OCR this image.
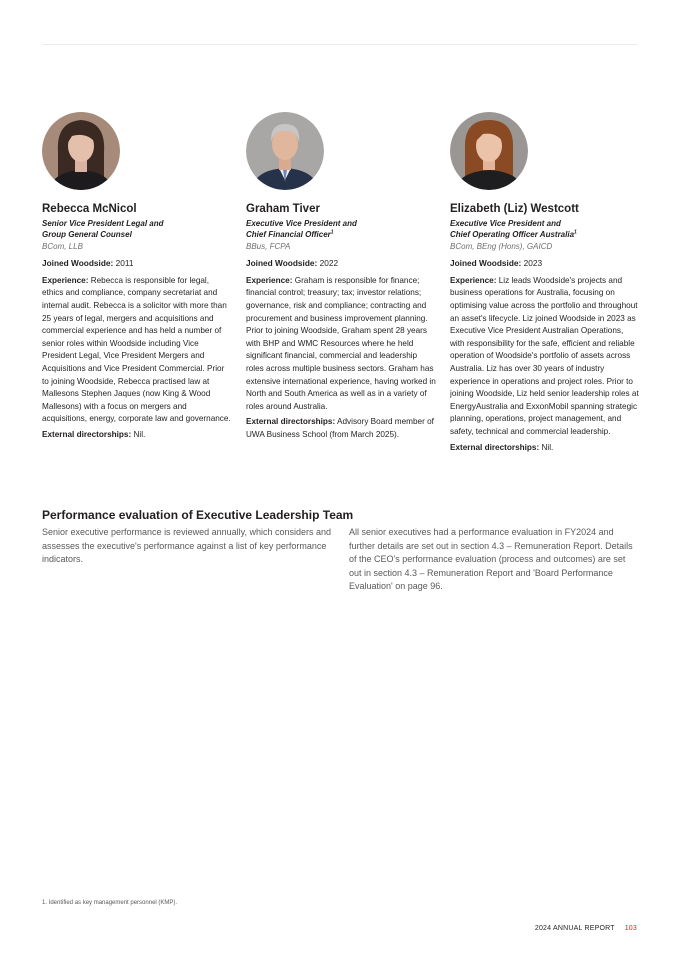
Rebecca McNicol
Senior Vice President Legal and
Group General Counsel
BCom, LLB
Joined Woodside: 2011
Experience: Rebecca is responsible for legal, ethics and compliance, company secretariat and internal audit. Rebecca is a solicitor with more than 25 years of legal, mergers and acquisitions and commercial experience and has held a number of senior roles within Woodside including Vice President Legal, Vice President Mergers and Acquisitions and Vice President Commercial. Prior to joining Woodside, Rebecca practised law at Mallesons Stephen Jaques (now King & Wood Mallesons) with a focus on mergers and acquisitions, energy, corporate law and governance.
External directorships: Nil.
Graham Tiver
Executive Vice President and
Chief Financial Officer$^1$
BBus, FCPA
Joined Woodside: 2022
Experience: Graham is responsible for finance; financial control; treasury; tax; investor relations; governance, risk and compliance; contracting and procurement and business improvement planning. Prior to joining Woodside, Graham spent 28 years with BHP and WMC Resources where he held significant financial, commercial and leadership roles across multiple business sectors. Graham has extensive international experience, having worked in North and South America as well as in a variety of roles around Australia.
External directorships: Advisory Board member of UWA Business School (from March 2025).
Elizabeth (Liz) Westcott
Executive Vice President and
Chief Operating Officer Australia$^1$
BCom, BEng (Hons), GAICD
Joined Woodside: 2023
Experience: Liz leads Woodside's projects and business operations for Australia, focusing on optimising value across the portfolio and throughout an asset's lifecycle. Liz joined Woodside in 2023 as Executive Vice President Australian Operations, with responsibility for the safe, efficient and reliable operation of Woodside's portfolio of assets across Australia. Liz has over 30 years of industry experience in operations and project roles. Prior to joining Woodside, Liz held senior leadership roles at EnergyAustralia and ExxonMobil spanning strategic planning, operations, project management, and safety, technical and commercial leadership.
External directorships: Nil.
Performance evaluation of Executive Leadership Team
Senior executive performance is reviewed annually, which considers and assesses the executive's performance against a list of key performance indicators.
All senior executives had a performance evaluation in FY2024 and further details are set out in section 4.3 – Remuneration Report. Details of the CEO's performance evaluation (process and outcomes) are set out in section 4.3 – Remuneration Report and 'Board Performance Evaluation' on page 96.
1. Identified as key management personnel (KMP).
2024 ANNUAL REPORT 103
